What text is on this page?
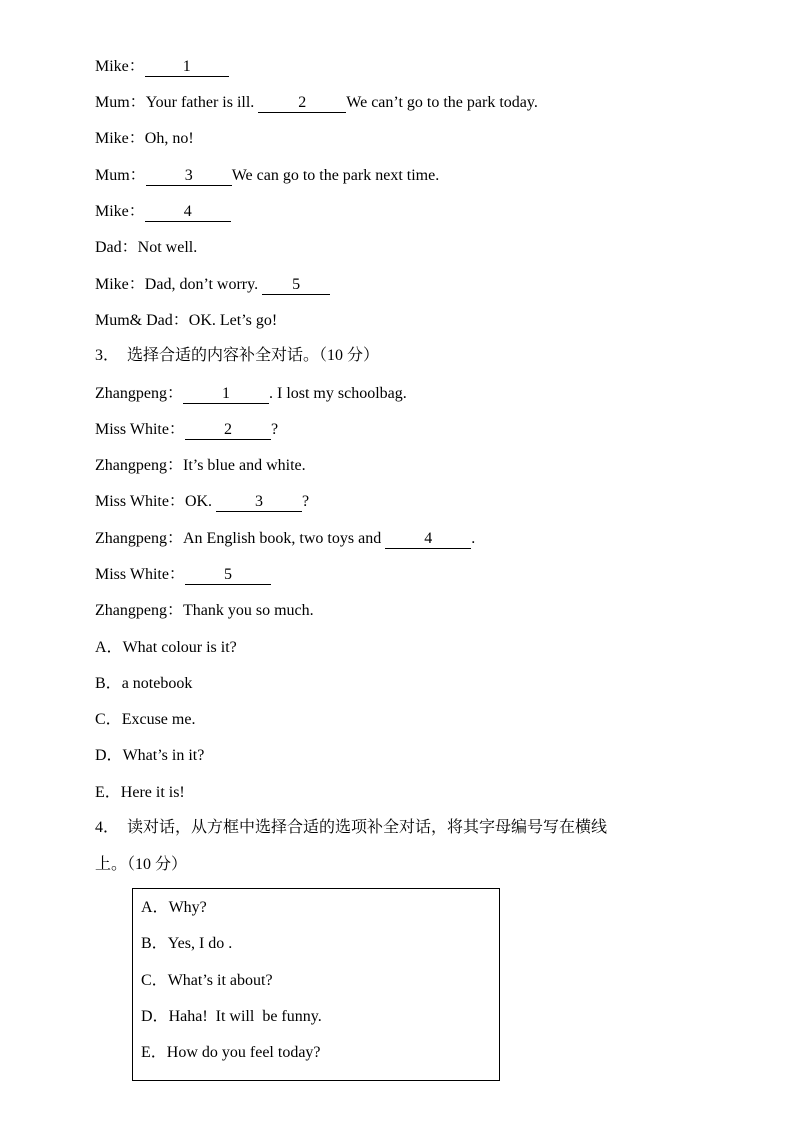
Mike： 1
Mum：Your father is ill.	2	We can’t go to the park today.
Mike：Oh, no!
Mum： 3 We can go to the park next time.
Mike： 4
Dad：Not well.
Mike：Dad, don’t worry. 5
Mum& Dad：OK. Let’s go!
3． 选择合适的内容补全对话。（10 分）
Zhangpeng： 1 . I lost my schoolbag.
Miss White： 2 ?
Zhangpeng：It’s blue and white.
Miss White：OK. 3 ?
Zhangpeng：An English book, two toys and 4 .
Miss White： 5
Zhangpeng：Thank you so much.
A．What colour is it?
B．a notebook
C．Excuse me.
D．What’s in it?
E．Here it is!
4． 读对话，从方框中选择合适的选项补全对话，将其字母编号写在横线
上。（10 分）
A．Why?
B．Yes, I do .
C．What’s it about?
D．Haha!  It will  be funny.
E．How do you feel today?
